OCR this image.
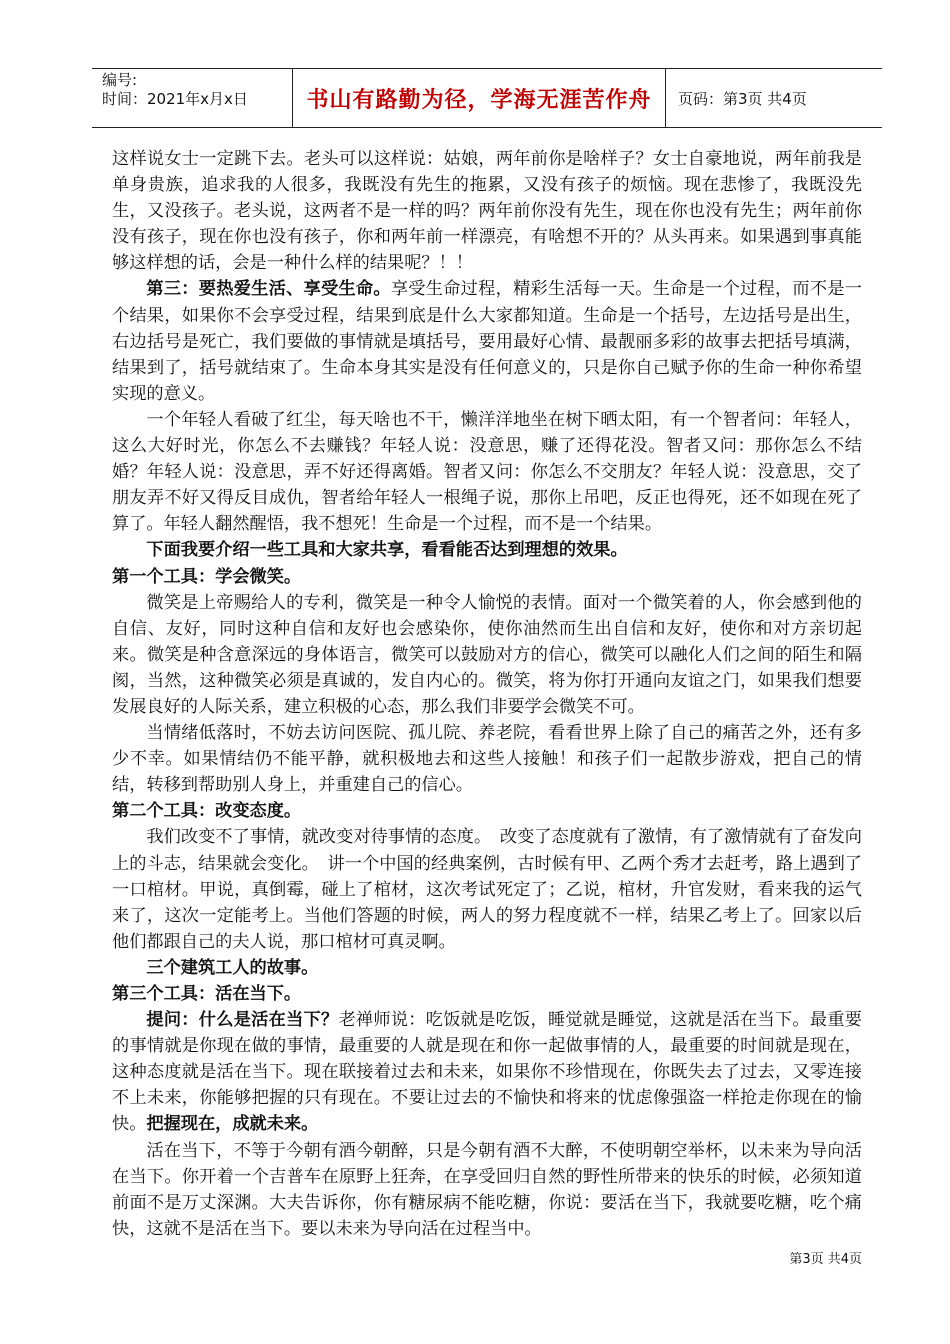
编号:
时间：2021年x月x日	书山有路勤为径，学海无涯苦作舟	页码：第3页 共4页

这样说女士一定跳下去。老头可以这样说：姑娘，两年前你是啥样子？女士自豪地说，两年前我是单身贵族，追求我的人很多，我既没有先生的拖累，又没有孩子的烦恼。现在悲惨了，我既没先生，又没孩子。老头说，这两者不是一样的吗？两年前你没有先生，现在你也没有先生；两年前你没有孩子，现在你也没有孩子，你和两年前一样漂亮，有啥想不开的？从头再来。如果遇到事真能够这样想的话，会是一种什么样的结果呢？！！

第三：要热爱生活、享受生命。享受生命过程，精彩生活每一天。生命是一个过程，而不是一个结果，如果你不会享受过程，结果到底是什么大家都知道。生命是一个括号，左边括号是出生，右边括号是死亡，我们要做的事情就是填括号，要用最好心情、最靓丽多彩的故事去把括号填满，结果到了，括号就结束了。生命本身其实是没有任何意义的，只是你自己赋予你的生命一种你希望实现的意义。

一个年轻人看破了红尘，每天啥也不干，懒洋洋地坐在树下晒太阳，有一个智者问：年轻人，这么大好时光，你怎么不去赚钱？年轻人说：没意思，赚了还得花没。智者又问：那你怎么不结婚？年轻人说：没意思，弄不好还得离婚。智者又问：你怎么不交朋友？年轻人说：没意思，交了朋友弄不好又得反目成仇，智者给年轻人一根绳子说，那你上吊吧，反正也得死，还不如现在死了算了。年轻人翻然醒悟，我不想死！生命是一个过程，而不是一个结果。

下面我要介绍一些工具和大家共享，看看能否达到理想的效果。

第一个工具：学会微笑。

微笑是上帝赐给人的专利，微笑是一种令人愉悦的表情。面对一个微笑着的人，你会感到他的自信、友好，同时这种自信和友好也会感染你，使你油然而生出自信和友好，使你和对方亲切起来。微笑是种含意深远的身体语言，微笑可以鼓励对方的信心，微笑可以融化人们之间的陌生和隔阂，当然，这种微笑必须是真诚的，发自内心的。微笑，将为你打开通向友谊之门，如果我们想要发展良好的人际关系，建立积极的心态，那么我们非要学会微笑不可。

当情绪低落时，不妨去访问医院、孤儿院、养老院，看看世界上除了自己的痛苦之外，还有多少不幸。如果情结仍不能平静，就积极地去和这些人接触！和孩子们一起散步游戏，把自己的情结，转移到帮助别人身上，并重建自己的信心。

第二个工具：改变态度。

我们改变不了事情，就改变对待事情的态度。　改变了态度就有了激情，有了激情就有了奋发向上的斗志，结果就会变化。　讲一个中国的经典案例，古时候有甲、乙两个秀才去赶考，路上遇到了一口棺材。甲说，真倒霉，碰上了棺材，这次考试死定了；乙说，棺材，升官发财，看来我的运气来了，这次一定能考上。当他们答题的时候，两人的努力程度就不一样，结果乙考上了。回家以后他们都跟自己的夫人说，那口棺材可真灵啊。

三个建筑工人的故事。

第三个工具：活在当下。

提问：什么是活在当下？老禅师说：吃饭就是吃饭，睡觉就是睡觉，这就是活在当下。最重要的事情就是你现在做的事情，最重要的人就是现在和你一起做事情的人，最重要的时间就是现在，这种态度就是活在当下。现在联接着过去和未来，如果你不珍惜现在，你既失去了过去，又零连接不上未来，你能够把握的只有现在。不要让过去的不愉快和将来的忧虑像强盗一样抢走你现在的愉快。把握现在，成就未来。

活在当下，不等于今朝有酒今朝醉，只是今朝有酒不大醉，不使明朝空举杯，以未来为导向活在当下。你开着一个吉普车在原野上狂奔，在享受回归自然的野性所带来的快乐的时候，必须知道前面不是万丈深渊。大夫告诉你，你有糖尿病不能吃糖，你说：要活在当下，我就要吃糖，吃个痛快，这就不是活在当下。要以未来为导向活在过程当中。

第3页 共4页
